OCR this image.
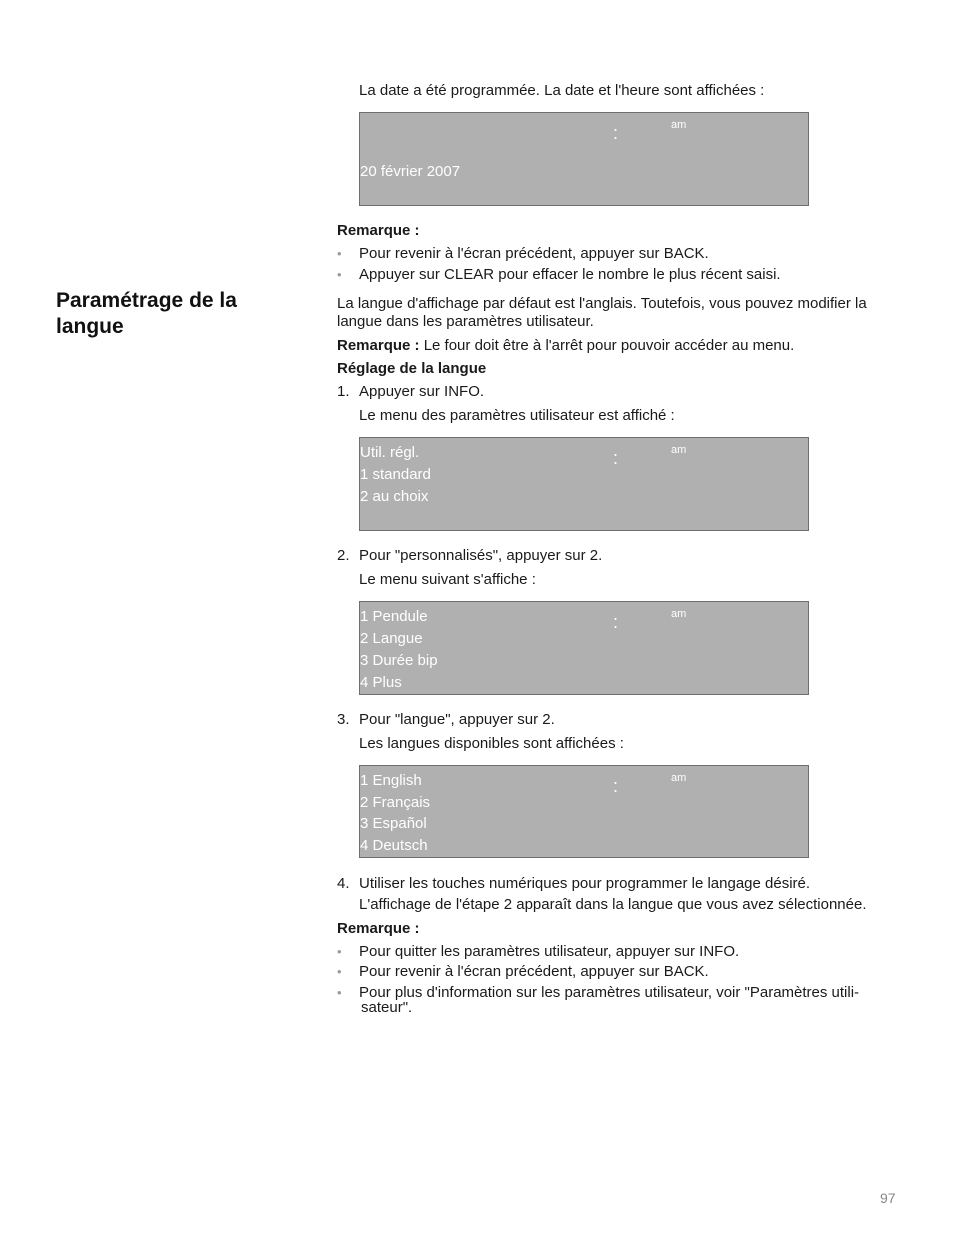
La date a été programmée. La date et l'heure sont affichées :
:	am
20 février 2007
Remarque :
• Pour revenir à l'écran précédent, appuyer sur BACK.
• Appuyer sur CLEAR pour effacer le nombre le plus récent saisi.
Paramétrage de la langue
La langue d'affichage par défaut est l'anglais. Toutefois, vous pouvez modifier la langue dans les paramètres utilisateur.
Remarque : Le four doit être à l'arrêt pour pouvoir accéder au menu.
Réglage de la langue
1. Appuyer sur INFO.
Le menu des paramètres utilisateur est affiché :
:	am
Util. régl.
1 standard
2 au choix
2. Pour "personnalisés", appuyer sur 2.
Le menu suivant s'affiche :
:	am
1 Pendule
2 Langue
3 Durée bip
4 Plus
3. Pour "langue", appuyer sur 2.
Les langues disponibles sont affichées :
:	am
1 English
2 Français
3 Español
4 Deutsch
4. Utiliser les touches numériques pour programmer le langage désiré.
L'affichage de l'étape 2 apparaît dans la langue que vous avez sélectionnée.
Remarque :
• Pour quitter les paramètres utilisateur, appuyer sur INFO.
• Pour revenir à l'écran précédent, appuyer sur BACK.
• Pour plus d'information sur les paramètres utilisateur, voir "Paramètres utili-
sateur".
97
